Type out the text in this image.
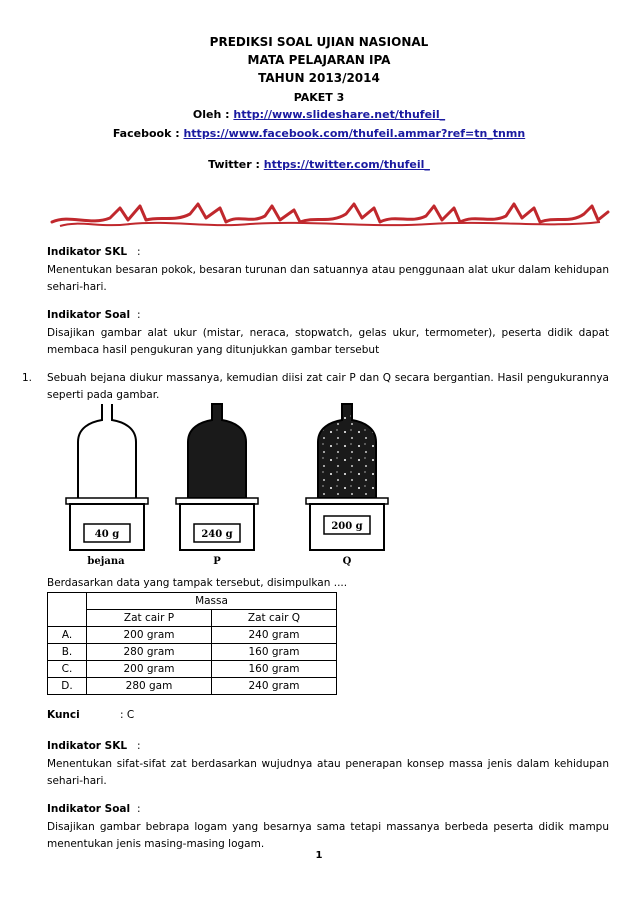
PREDIKSI SOAL UJIAN NASIONAL
MATA PELAJARAN IPA
TAHUN 2013/2014
PAKET 3
Oleh : http://www.slideshare.net/thufeil_
Facebook : https://www.facebook.com/thufeil.ammar?ref=tn_tnmn
Twitter : https://twitter.com/thufeil_
Indikator SKL :
Menentukan besaran pokok, besaran turunan dan satuannya atau penggunaan alat ukur dalam kehidupan sehari-hari.
Indikator Soal :
Disajikan gambar alat ukur (mistar, neraca, stopwatch, gelas ukur, termometer), peserta didik dapat membaca hasil pengukuran yang ditunjukkan gambar tersebut
1. Sebuah bejana diukur massanya, kemudian diisi zat cair P dan Q secara bergantian. Hasil pengukurannya seperti pada gambar.
40 g
bejana
240 g
P
200 g
Q
Berdasarkan data yang tampak tersebut, disimpulkan ....
	Massa	
	Zat cair P	Zat cair Q
A.	200 gram	240 gram
B.	280 gram	160 gram
C.	200 gram	160 gram
D.	280 gam	240 gram
Kunci	: C
Indikator SKL :
Menentukan sifat-sifat zat berdasarkan wujudnya atau penerapan konsep massa jenis dalam kehidupan sehari-hari.
Indikator Soal :
Disajikan gambar bebrapa logam yang besarnya sama tetapi massanya berbeda peserta didik mampu menentukan jenis masing-masing logam.
1
